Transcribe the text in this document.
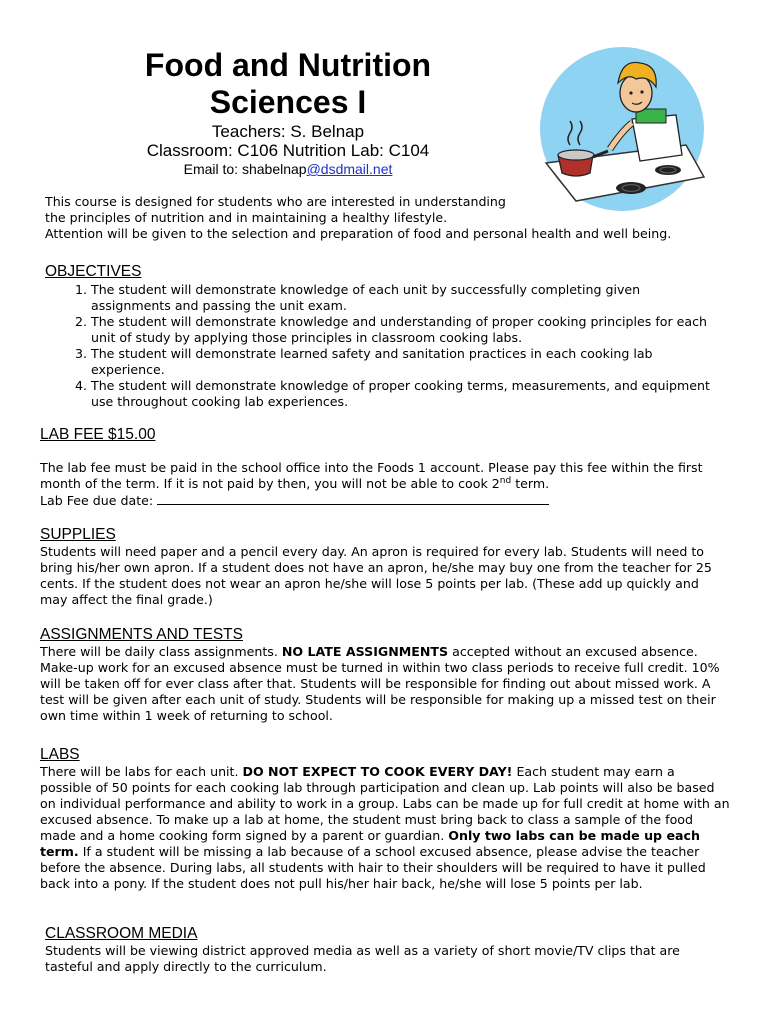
Food and Nutrition
Sciences I
Teachers: S. Belnap
Classroom: C106 Nutrition Lab: C104
Email to: shabelnap@dsdmail.net
This course is designed for students who are interested in understanding
the principles of nutrition and in maintaining a healthy lifestyle.
Attention will be given to the selection and preparation of food and personal health and well being.
OBJECTIVES
1. The student will demonstrate knowledge of each unit by successfully completing given assignments and passing the unit exam.
2. The student will demonstrate knowledge and understanding of proper cooking principles for each unit of study by applying those principles in classroom cooking labs.
3. The student will demonstrate learned safety and sanitation practices in each cooking lab experience.
4. The student will demonstrate knowledge of proper cooking terms, measurements, and equipment use throughout cooking lab experiences.
LAB FEE $15.00
The lab fee must be paid in the school office into the Foods 1 account. Please pay this fee within the first month of the term. If it is not paid by then, you will not be able to cook 2nd term.
Lab Fee due date:
SUPPLIES
Students will need paper and a pencil every day. An apron is required for every lab. Students will need to bring his/her own apron. If a student does not have an apron, he/she may buy one from the teacher for 25 cents. If the student does not wear an apron he/she will lose 5 points per lab. (These add up quickly and may affect the final grade.)
ASSIGNMENTS AND TESTS
There will be daily class assignments. NO LATE ASSIGNMENTS accepted without an excused absence. Make-up work for an excused absence must be turned in within two class periods to receive full credit. 10% will be taken off for ever class after that. Students will be responsible for finding out about missed work. A test will be given after each unit of study. Students will be responsible for making up a missed test on their own time within 1 week of returning to school.
LABS
There will be labs for each unit. DO NOT EXPECT TO COOK EVERY DAY! Each student may earn a possible of 50 points for each cooking lab through participation and clean up. Lab points will also be based on individual performance and ability to work in a group. Labs can be made up for full credit at home with an excused absence. To make up a lab at home, the student must bring back to class a sample of the food made and a home cooking form signed by a parent or guardian. Only two labs can be made up each term. If a student will be missing a lab because of a school excused absence, please advise the teacher before the absence. During labs, all students with hair to their shoulders will be required to have it pulled back into a pony. If the student does not pull his/her hair back, he/she will lose 5 points per lab.
CLASSROOM MEDIA
Students will be viewing district approved media as well as a variety of short movie/TV clips that are tasteful and apply directly to the curriculum.
